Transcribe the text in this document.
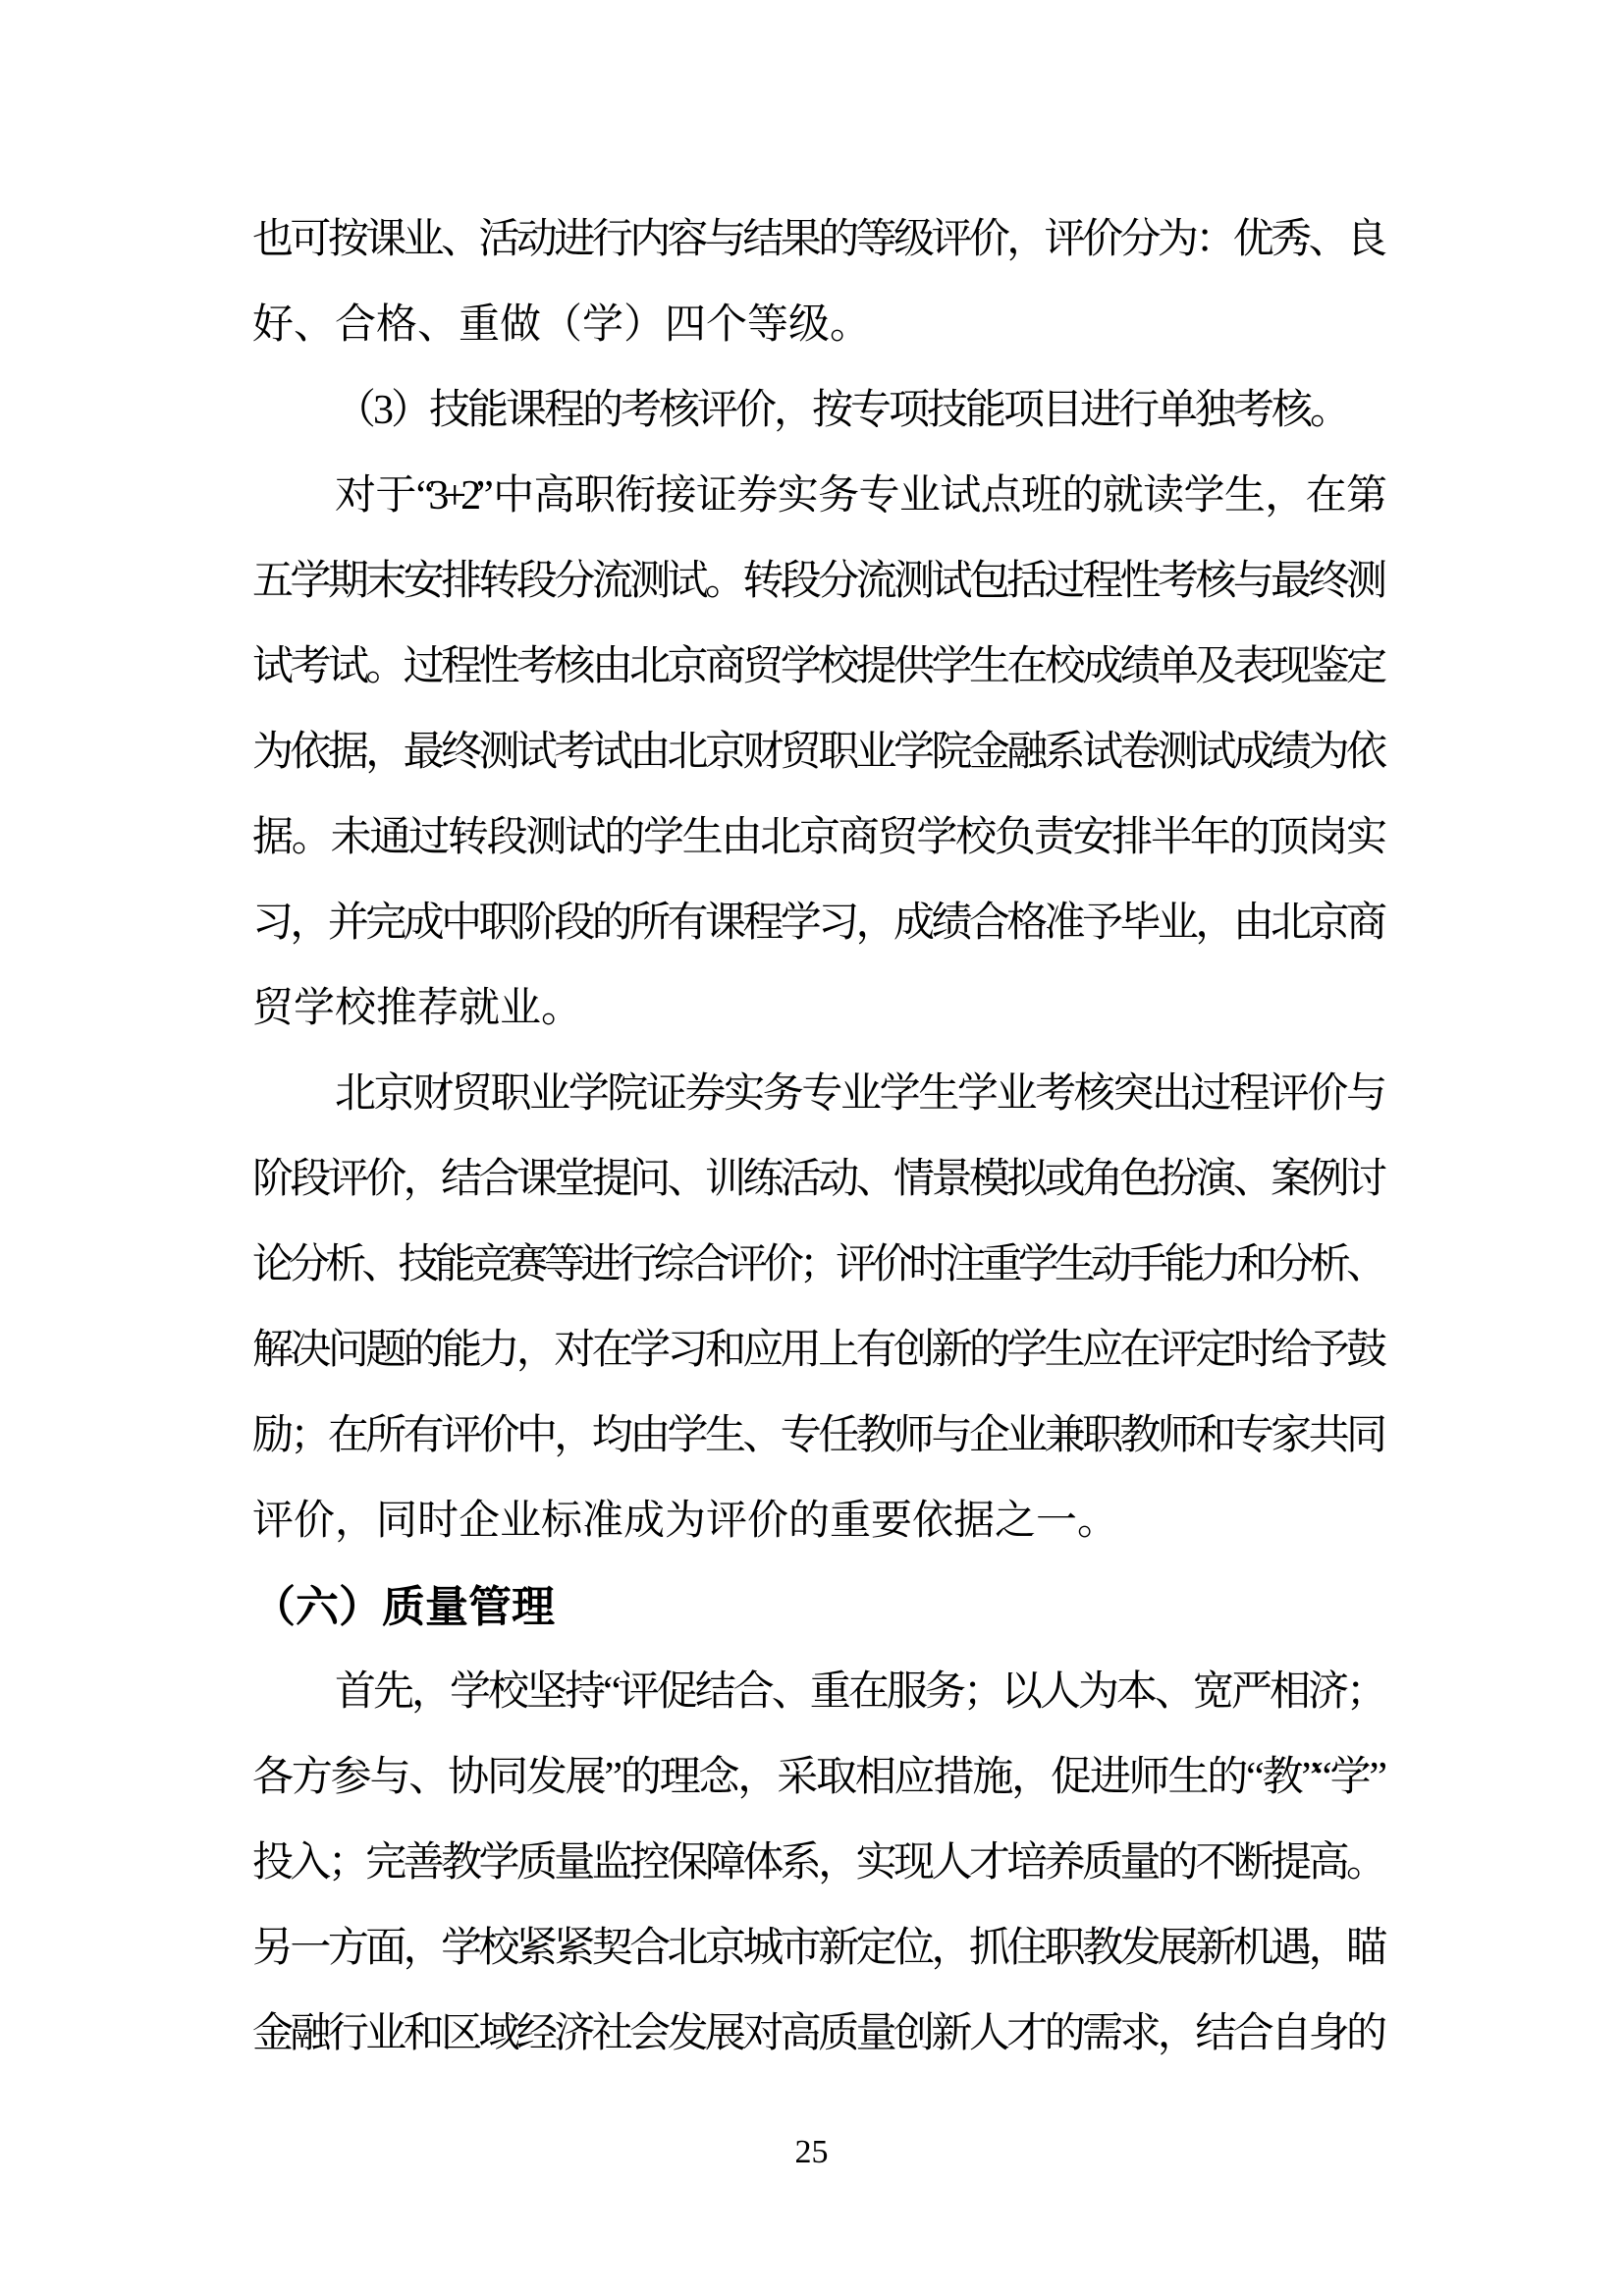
也可按课业、活动进行内容与结果的等级评价，评价分为：优秀、良
好、合格、重做（学）四个等级。
（3）技能课程的考核评价，按专项技能项目进行单独考核。
对于“3+2”中高职衔接证券实务专业试点班的就读学生，在第
五学期末安排转段分流测试。转段分流测试包括过程性考核与最终测
试考试。过程性考核由北京商贸学校提供学生在校成绩单及表现鉴定
为依据，最终测试考试由北京财贸职业学院金融系试卷测试成绩为依
据。未通过转段测试的学生由北京商贸学校负责安排半年的顶岗实
习，并完成中职阶段的所有课程学习，成绩合格准予毕业，由北京商
贸学校推荐就业。
北京财贸职业学院证券实务专业学生学业考核突出过程评价与
阶段评价，结合课堂提问、训练活动、情景模拟或角色扮演、案例讨
论分析、技能竞赛等进行综合评价；评价时注重学生动手能力和分析、
解决问题的能力，对在学习和应用上有创新的学生应在评定时给予鼓
励；在所有评价中，均由学生、专任教师与企业兼职教师和专家共同
评价，同时企业标准成为评价的重要依据之一。
（六）质量管理
首先，学校坚持“评促结合、重在服务；以人为本、宽严相济；
各方参与、协同发展”的理念，采取相应措施，促进师生的“教”“学”
投入；完善教学质量监控保障体系，实现人才培养质量的不断提高。
另一方面，学校紧紧契合北京城市新定位，抓住职教发展新机遇，瞄
金融行业和区域经济社会发展对高质量创新人才的需求，结合自身的
25
